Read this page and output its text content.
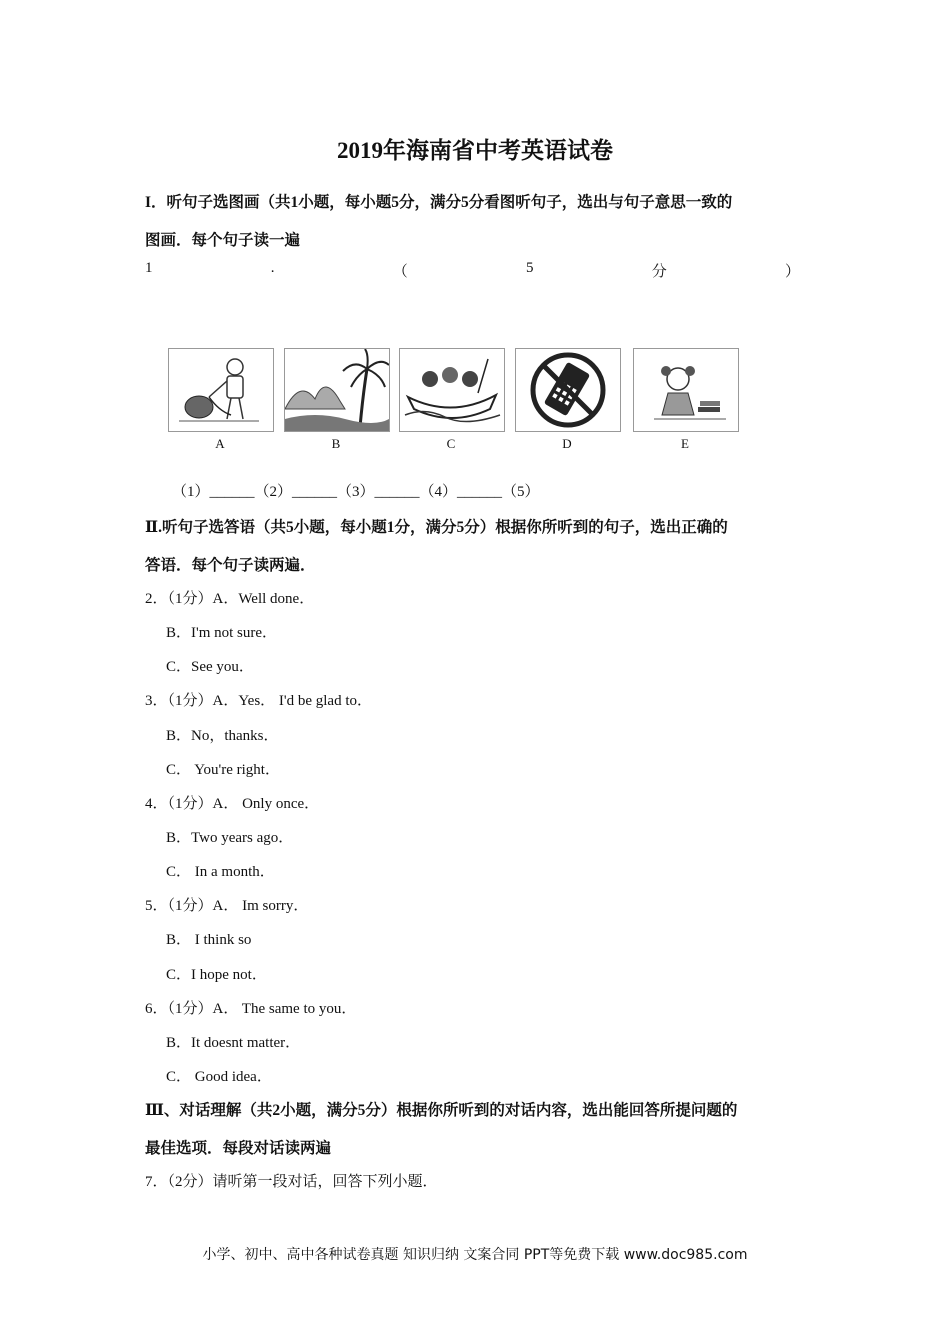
2019年海南省中考英语试卷
I．听句子选图画（共1小题，每小题5分，满分5分看图听句子，选出与句子意思一致的
图画．每个句子读一遍
1	.	（	5	分	）
A	B	C	D	E
（1）______（2）______（3）______（4）______（5）
Ⅱ.听句子选答语（共5小题，每小题1分，满分5分）根据你所听到的句子，选出正确的
答语．每个句子读两遍．
2．（1分）A．Well done．
B．I'm not sure．
C．See you．
3．（1分）A．Yes． I'd be glad to．
B．No，thanks．
C． You're right．
4．（1分）A． Only once．
B．Two years ago．
C． In a month．
5．（1分）A． Im sorry．
B． I think so
C．I hope not．
6．（1分）A． The same to you．
B．It doesnt matter．
C． Good idea．
Ⅲ、对话理解（共2小题，满分5分）根据你所听到的对话内容，选出能回答所提问题的
最佳选项．每段对话读两遍
7．（2分）请听第一段对话，回答下列小题．
小学、初中、高中各种试卷真题 知识归纳 文案合同 PPT等免费下载 www.doc985.com
